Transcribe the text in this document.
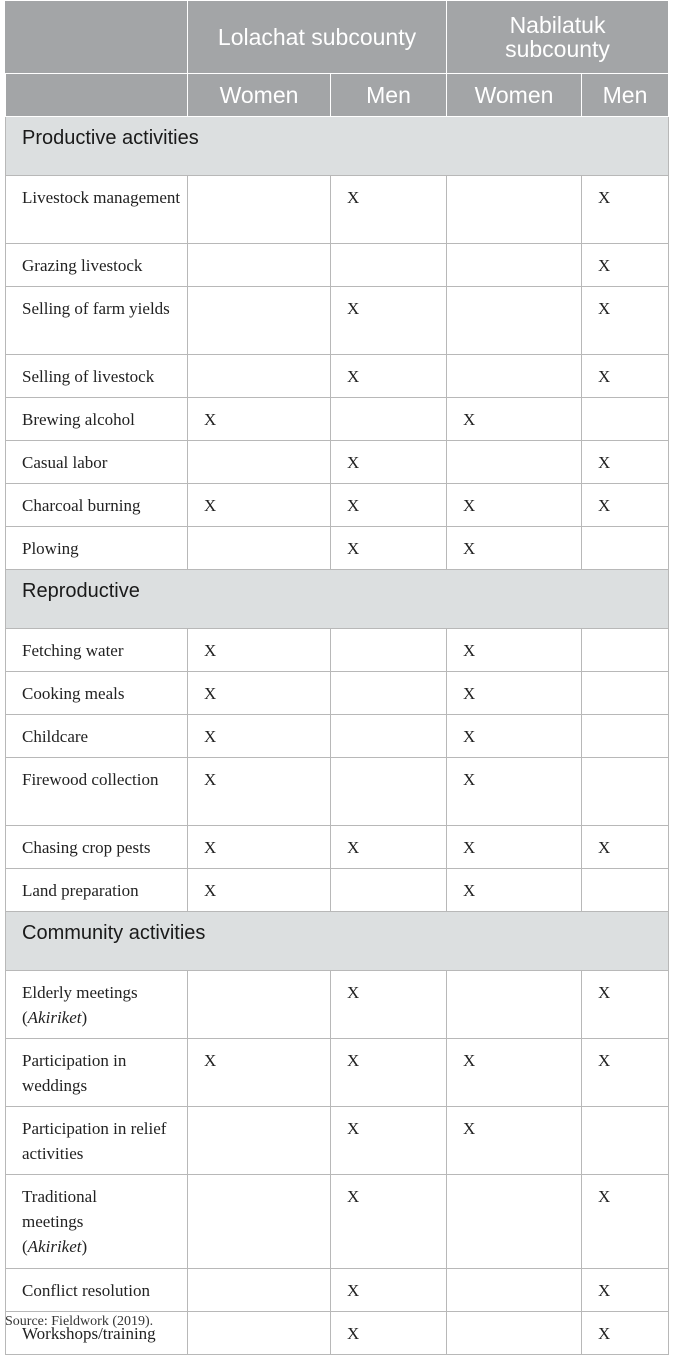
	Lolachat subcounty		Nabilatuk subcounty	
	Women	Men	Women	Men
Productive activities				
Livestock management		X		X
Grazing livestock				X
Selling of farm yields		X		X
Selling of livestock		X		X
Brewing alcohol	X		X	
Casual labor		X		X
Charcoal burning	X	X	X	X
Plowing		X	X	
Reproductive				
Fetching water	X		X	
Cooking meals	X		X	
Childcare	X		X	
Firewood collection	X		X	
Chasing crop pests	X	X	X	X
Land preparation	X		X	
Community activities				
Elderly meetings (Akiriket)		X		X
Participation in weddings	X	X	X	X
Participation in relief activities		X	X	
Traditional meetings (Akiriket)		X		X
Conflict resolution		X		X
Workshops/training		X		X
Source: Fieldwork (2019).
